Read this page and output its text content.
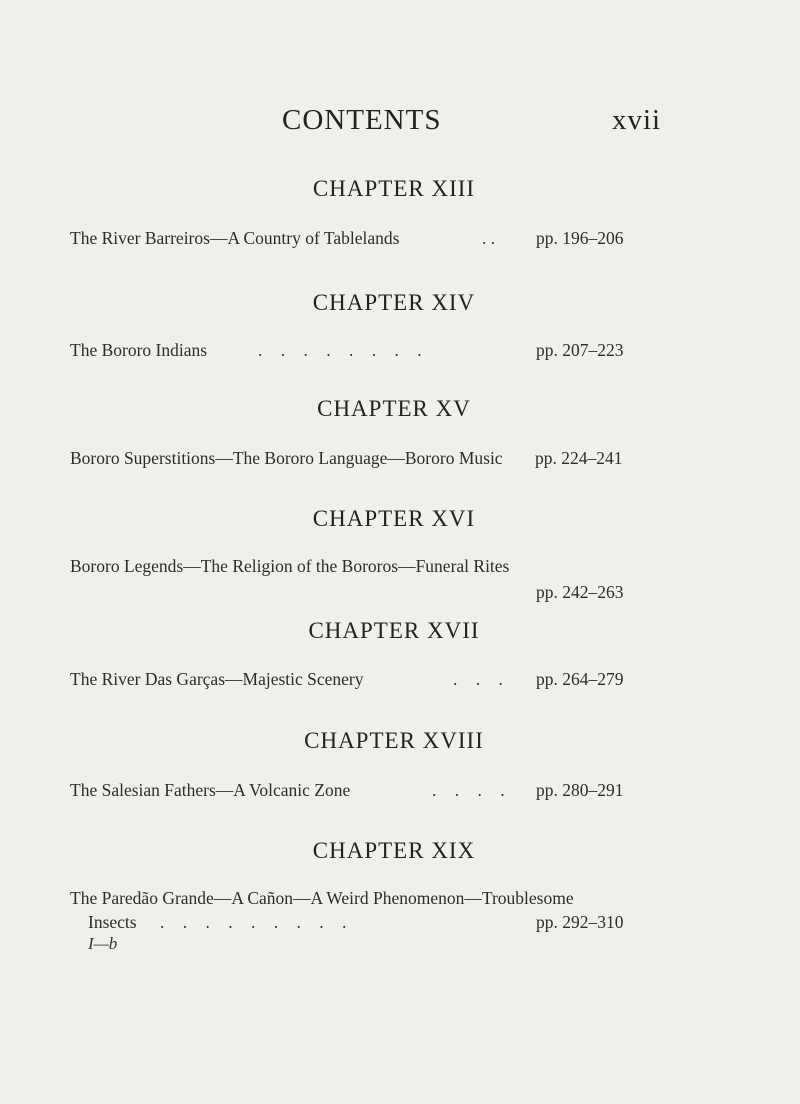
CONTENTS	xvii
CHAPTER XIII
The River Barreiros—A Country of Tablelands	. . pp. 196–206
CHAPTER XIV
The Bororo Indians	. . . . . . . .	pp. 207–223
CHAPTER XV
Bororo Superstitions—The Bororo Language—Bororo Music pp. 224–241
CHAPTER XVI
Bororo Legends—The Religion of the Bororos—Funeral Rites
pp. 242–263
CHAPTER XVII
The River Das Garças—Majestic Scenery	. . . pp. 264–279
CHAPTER XVIII
The Salesian Fathers—A Volcanic Zone	. . . . pp. 280–291
CHAPTER XIX
The Paredão Grande—A Cañon—A Weird Phenomenon—Troublesome
Insects . . . . . . . . .	pp. 292–310
I—b
